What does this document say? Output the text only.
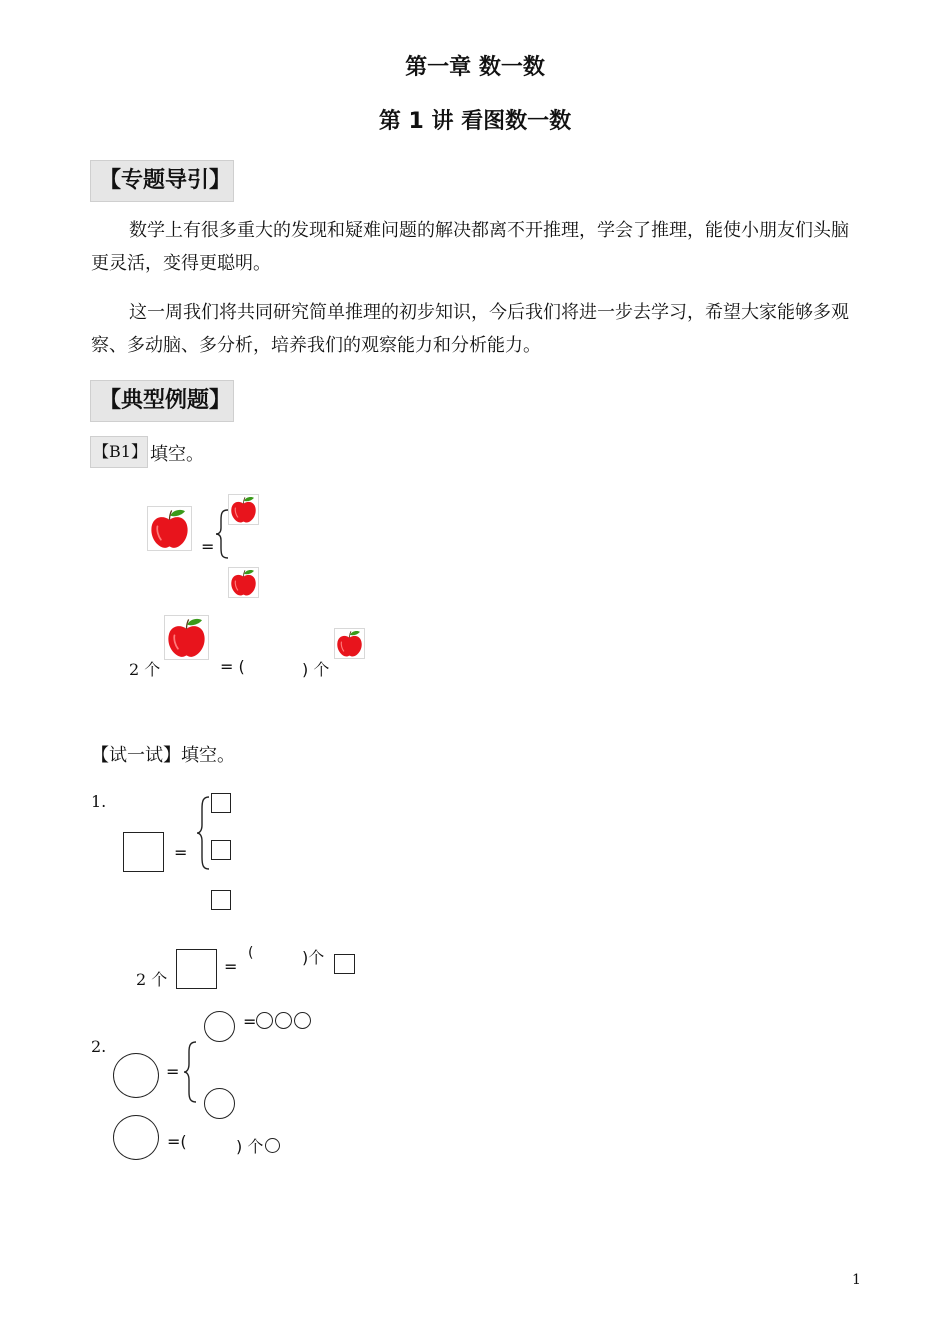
第一章 数一数
第 1 讲 看图数一数
【专题导引】
数学上有很多重大的发现和疑难问题的解决都离不开推理，学会了推理，能使小朋友们头脑更灵活，变得更聪明。
这一周我们将共同研究简单推理的初步知识，今后我们将进一步去学习，希望大家能够多观察、多动脑、多分析，培养我们的观察能力和分析能力。
【典型例题】
【B1】 填空。
=
2 个	= (	) 个
【试一试】填空。
1.
=
2 个
=
(	)个
2.
=
=
=(	) 个
1
